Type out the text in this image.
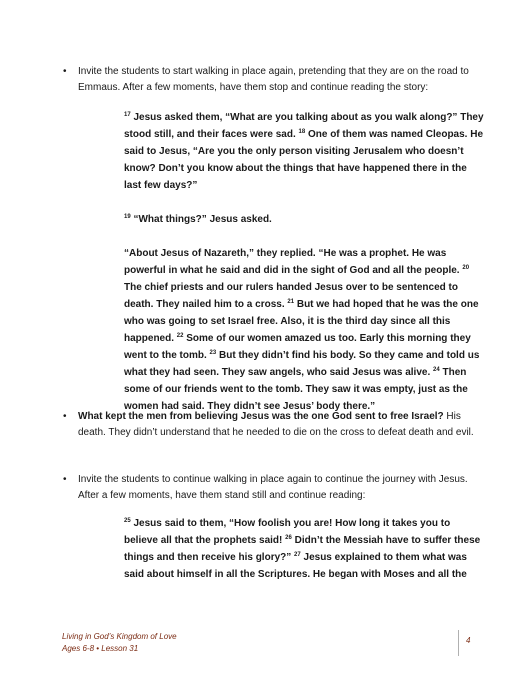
• Invite the students to start walking in place again, pretending that they are on the road to Emmaus. After a few moments, have them stop and continue reading the story:

$^{17}$ Jesus asked them, “What are you talking about as you walk along?” They stood still, and their faces were sad. $^{18}$ One of them was named Cleopas. He said to Jesus, “Are you the only person visiting Jerusalem who doesn’t know? Don’t you know about the things that have happened there in the last few days?”

$^{19}$ “What things?” Jesus asked.

“About Jesus of Nazareth,” they replied. “He was a prophet. He was powerful in what he said and did in the sight of God and all the people. $^{20}$ The chief priests and our rulers handed Jesus over to be sentenced to death. They nailed him to a cross. $^{21}$ But we had hoped that he was the one who was going to set Israel free. Also, it is the third day since all this happened. $^{22}$ Some of our women amazed us too. Early this morning they went to the tomb. $^{23}$ But they didn’t find his body. So they came and told us what they had seen. They saw angels, who said Jesus was alive. $^{24}$ Then some of our friends went to the tomb. They saw it was empty, just as the women had said. They didn’t see Jesus’ body there.”

• What kept the men from believing Jesus was the one God sent to free Israel? His death. They didn’t understand that he needed to die on the cross to defeat death and evil.
• Invite the students to continue walking in place again to continue the journey with Jesus. After a few moments, have them stand still and continue reading:

$^{25}$ Jesus said to them, “How foolish you are! How long it takes you to believe all that the prophets said! $^{26}$ Didn’t the Messiah have to suffer these things and then receive his glory?” $^{27}$ Jesus explained to them what was said about himself in all the Scriptures. He began with Moses and all the

Living in God’s Kingdom of Love
Ages 6-8 • Lesson 31
4
